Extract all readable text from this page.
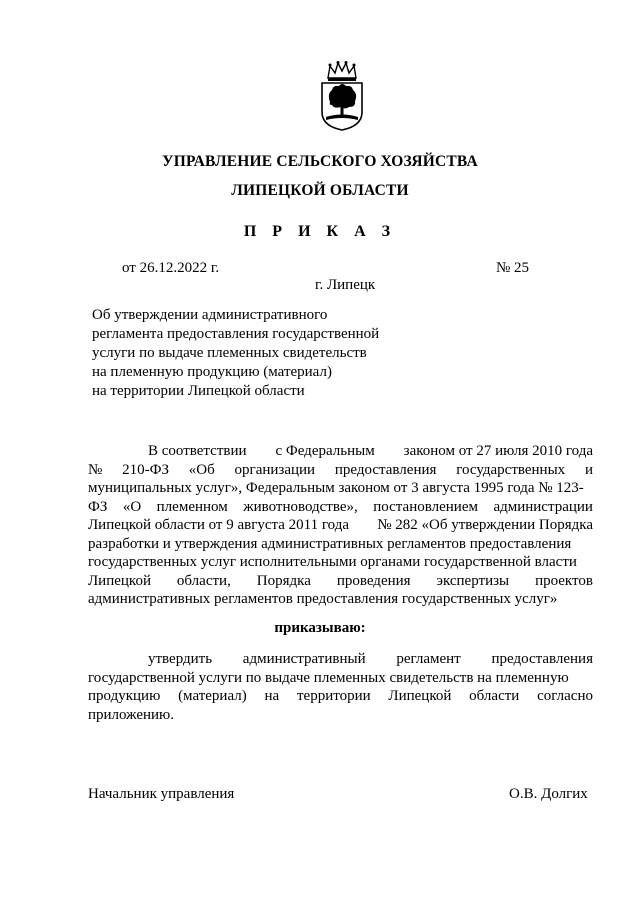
УПРАВЛЕНИЕ СЕЛЬСКОГО ХОЗЯЙСТВА
ЛИПЕЦКОЙ ОБЛАСТИ
П Р И К А З
от 26.12.2022 г.	№ 25
г. Липецк
Об утверждении административного
регламента предоставления государственной
услуги по выдаче племенных свидетельств
на племенную продукцию (материал)
на территории Липецкой области
В соответствии с Федеральным законом от 27 июля 2010 года
№ 210-ФЗ «Об организации предоставления государственных и
муниципальных услуг», Федеральным законом от 3 августа 1995 года № 123-
ФЗ «О племенном животноводстве», постановлением администрации
Липецкой области от 9 августа 2011 года № 282 «Об утверждении Порядка
разработки и утверждения административных регламентов предоставления
государственных услуг исполнительными органами государственной власти
Липецкой области, Порядка проведения экспертизы проектов
административных регламентов предоставления государственных услуг»
приказываю:
утвердить административный регламент предоставления
государственной услуги по выдаче племенных свидетельств на племенную
продукцию (материал) на территории Липецкой области согласно
приложению.
Начальник управления	О.В. Долгих
